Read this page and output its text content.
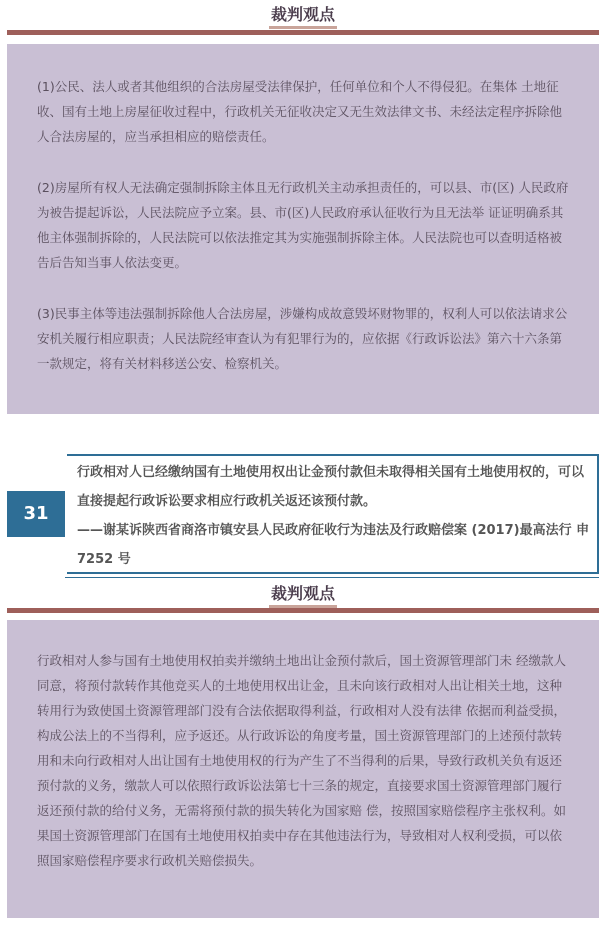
裁判观点

(1)公民、法人或者其他组织的合法房屋受法律保护，任何单位和个人不得侵犯。在集体 土地征收、国有土地上房屋征收过程中，行政机关无征收决定又无生效法律文书、未经法定程序拆除他人合法房屋的，应当承担相应的赔偿责任。

(2)房屋所有权人无法确定强制拆除主体且无行政机关主动承担责任的，可以县、市(区) 人民政府为被告提起诉讼，人民法院应予立案。县、市(区)人民政府承认征收行为且无法举 证证明确系其他主体强制拆除的，人民法院可以依法推定其为实施强制拆除主体。人民法院也可以查明适格被告后告知当事人依法变更。

(3)民事主体等违法强制拆除他人合法房屋，涉嫌构成故意毁坏财物罪的，权利人可以依法请求公安机关履行相应职责；人民法院经审查认为有犯罪行为的，应依据《行政诉讼法》第六十六条第一款规定，将有关材料移送公安、检察机关。

31
行政相对人已经缴纳国有土地使用权出让金预付款但未取得相关国有土地使用权的，可以直接提起行政诉讼要求相应行政机关返还该预付款。
——谢某诉陕西省商洛市镇安县人民政府征收行为违法及行政赔偿案 (2017)最高法行 申 7252 号
裁判观点

行政相对人参与国有土地使用权拍卖并缴纳土地出让金预付款后，国土资源管理部门未 经缴款人同意，将预付款转作其他竞买人的土地使用权出让金，且未向该行政相对人出让相关土地，这种转用行为致使国土资源管理部门没有合法依据取得利益，行政相对人没有法律 依据而利益受损，构成公法上的不当得利，应予返还。从行政诉讼的角度考量，国土资源管理部门的上述预付款转用和未向行政相对人出让国有土地使用权的行为产生了不当得利的后果，导致行政机关负有返还预付款的义务，缴款人可以依照行政诉讼法第七十三条的规定，直接要求国土资源管理部门履行返还预付款的给付义务，无需将预付款的损失转化为国家赔 偿，按照国家赔偿程序主张权利。如果国土资源管理部门在国有土地使用权拍卖中存在其他违法行为，导致相对人权利受损，可以依照国家赔偿程序要求行政机关赔偿损失。
